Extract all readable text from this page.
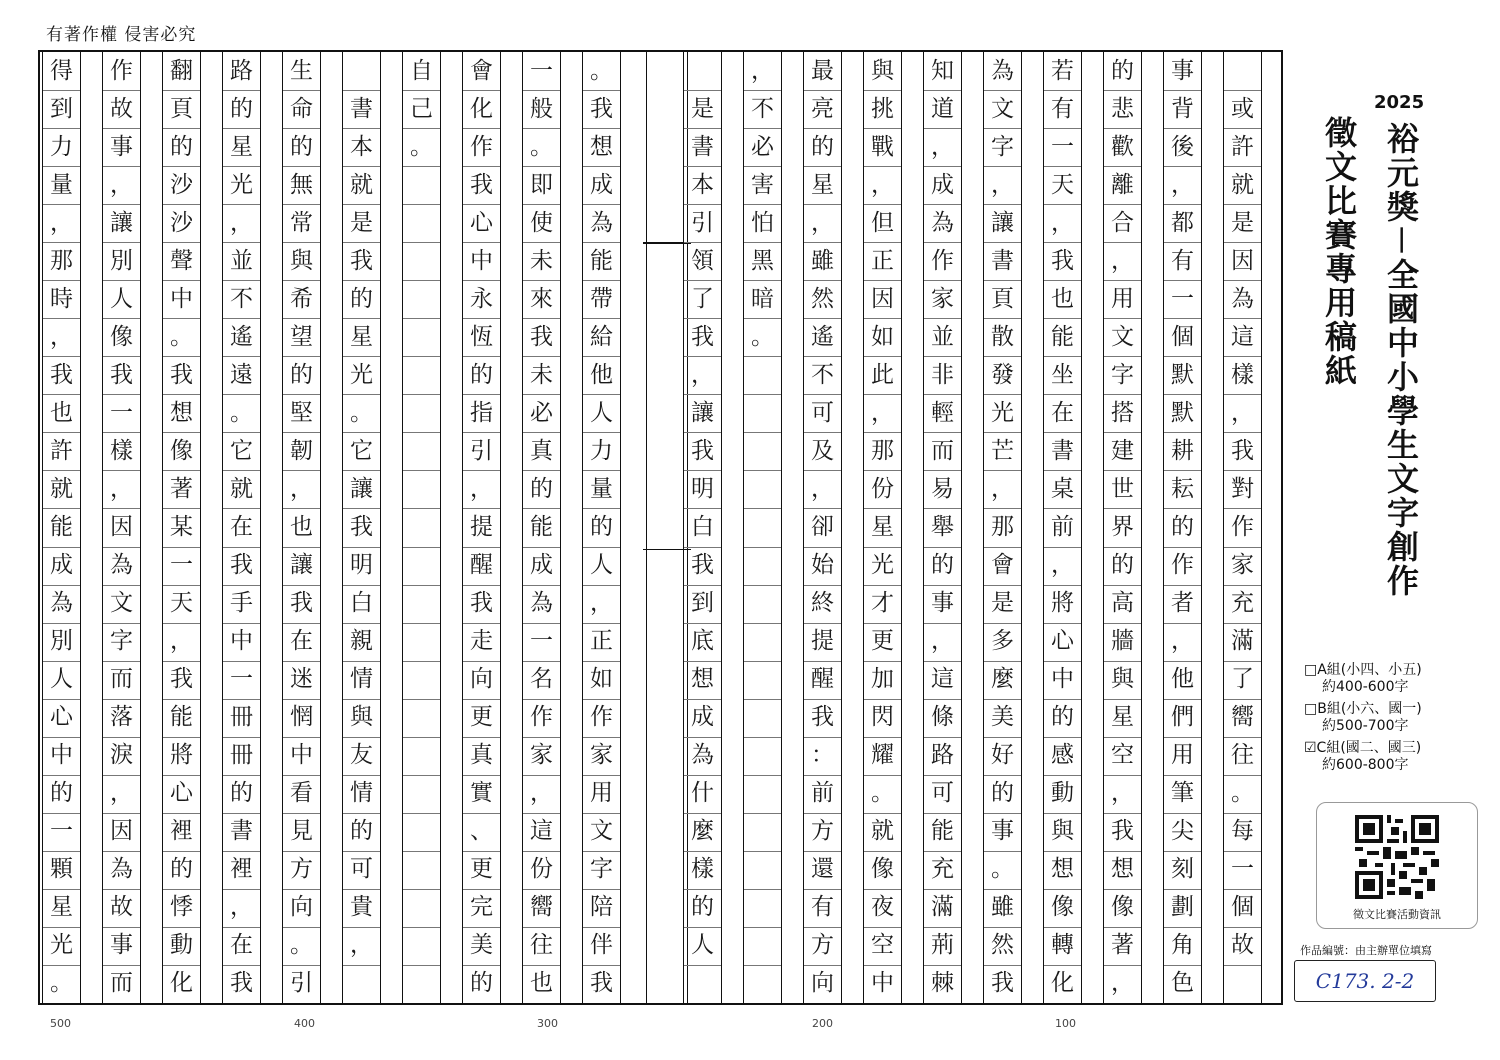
有著作權 侵害必究
得
到
力
量
，
那
時
，
我
也
許
就
能
成
為
別
人
心
中
的
一
顆
星
光
。
作
故
事
，
讓
別
人
像
我
一
樣
，
因
為
文
字
而
落
淚
，
因
為
故
事
而
翻
頁
的
沙
沙
聲
中
。
我
想
像
著
某
一
天
，
我
能
將
心
裡
的
悸
動
化
路
的
星
光
，
並
不
遙
遠
。
它
就
在
我
手
中
一
冊
冊
的
書
裡
，
在
我
生
命
的
無
常
與
希
望
的
堅
韌
，
也
讓
我
在
迷
惘
中
看
見
方
向
。
引

書
本
就
是
我
的
星
光
。
它
讓
我
明
白
親
情
與
友
情
的
可
貴
，
自
己
。
會
化
作
我
心
中
永
恆
的
指
引
，
提
醒
我
走
向
更
真
實
、
更
完
美
的
一
般
。
即
使
未
來
我
未
必
真
的
能
成
為
一
名
作
家
，
這
份
嚮
往
也
。
我
想
成
為
能
帶
給
他
人
力
量
的
人
，
正
如
作
家
用
文
字
陪
伴
我

是
書
本
引
領
了
我
，
讓
我
明
白
我
到
底
想
成
為
什
麼
樣
的
人
，
不
必
害
怕
黑
暗
。
最
亮
的
星
，
雖
然
遙
不
可
及
，
卻
始
終
提
醒
我
：
前
方
還
有
方
向
與
挑
戰
，
但
正
因
如
此
，
那
份
星
光
才
更
加
閃
耀
。
就
像
夜
空
中
知
道
，
成
為
作
家
並
非
輕
而
易
舉
的
事
，
這
條
路
可
能
充
滿
荊
棘
為
文
字
，
讓
書
頁
散
發
光
芒
，
那
會
是
多
麼
美
好
的
事
。
雖
然
我
若
有
一
天
，
我
也
能
坐
在
書
桌
前
，
將
心
中
的
感
動
與
想
像
轉
化
的
悲
歡
離
合
，
用
文
字
搭
建
世
界
的
高
牆
與
星
空
，
我
想
像
著
，
事
背
後
，
都
有
一
個
默
默
耕
耘
的
作
者
，
他
們
用
筆
尖
刻
劃
角
色

或
許
就
是
因
為
這
樣
，
我
對
作
家
充
滿
了
嚮
往
。
每
一
個
故
500	400	300	200	100
2025
裕元獎－全國中小學生文字創作
徵文比賽專用稿紙
□A組(小四、小五)
約400-600字
□B組(小六、國一)
約500-700字
☑C組(國二、國三)
約600-800字
徵文比賽活動資訊
作品編號：由主辦單位填寫
C173. 2-2
